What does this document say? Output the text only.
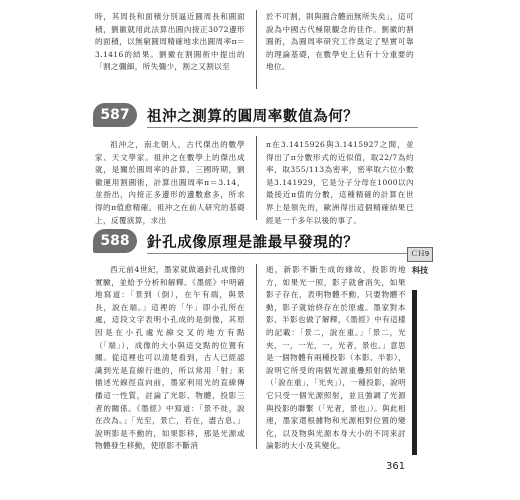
時，其周長和面積分別逼近圓周長和圓面積，劉徽就用此法算出圓內接正3072邊形的面積，以無窮圓周精確地求出圓周率π＝3.1416的結果。劉徽在割圓術中提出的「割之彌細，所失彌少，割之又割以至

於不可割，則與圓合體而無所失矣」，這可說為中國古代極限觀念的佳作。劉徽的割圓術，為圓周率研究工作奠定了堅實可靠的理論基礎，在數學史上佔有十分重要的地位。

587	祖沖之測算的圓周率數值為何？

祖沖之，南北朝人，古代傑出的數學家、天文學家。祖沖之在數學上的傑出成就，是關於圓周率的計算，三國時期，劉徽運用割圓術，計算出圓周率π＝3.14，並指出，內接正多邊形的邊數愈多，所求得的π值愈精確。祖沖之在前人研究的基礎上，反覆演算，求出

π在3.1415926與3.1415927之間，並得出了π分數形式的近似值，取22/7為約率，取355/113為密率，密率取六位小數是3.141929，它是分子分母在1000以內最接近π值的分數，這種精確的計算在世界上是領先的，歐洲得出這個精確結果已經是一千多年以後的事了。

588	針孔成像原理是誰最早發現的？

西元前4世紀，墨家就做過針孔成像的實驗，並給予分析和解釋。《墨經》中明確地寫道：「景到（倒），在午有端，與景長，說在端。」這裡的「午」即小孔所在處，這段文字表明小孔成的是倒像，其原因是在小孔處光線交叉的地方有點（「端」），成像的大小與這交點的位置有關。從這裡也可以清楚看到，古人已經認識到光是直線行進的，所以常用「射」來描述光線徑直向前，墨家利用光的直線傳播這一性質，討論了光影、物體、投影三者的關係。《墨經》中寫道：「景不徙，說在改為。」「光至，景亡，若在，盡古息。」說明影是不動的，如果影移，那是光源或物體發生移動，使原影不斷消

逝，新影不斷生成的緣故，投影的地方，如果光一照，影子就會消失，如果影子存在，表明物體不動，只要物體不動，影子就始終存在於原處。墨家對本影、半影也做了解釋，《墨經》中有這樣的記載：「景二，說在重。」「景二，光夾，一，一光，一，光者，景也。」意思是一個物體有兩種投影（本影、半影），說明它所受的兩個光源重疊照射的結果（「說在重」，「光夾」），一種投影，說明它只受一個光源照射，並且強調了光源與投影的聯繫（「光者，景也」）。與此相連，墨家還根據物和光源相對位置的變化，以及物與光源本身大小的不同來討論影的大小及其變化。

ＣＨ9
科技
361
